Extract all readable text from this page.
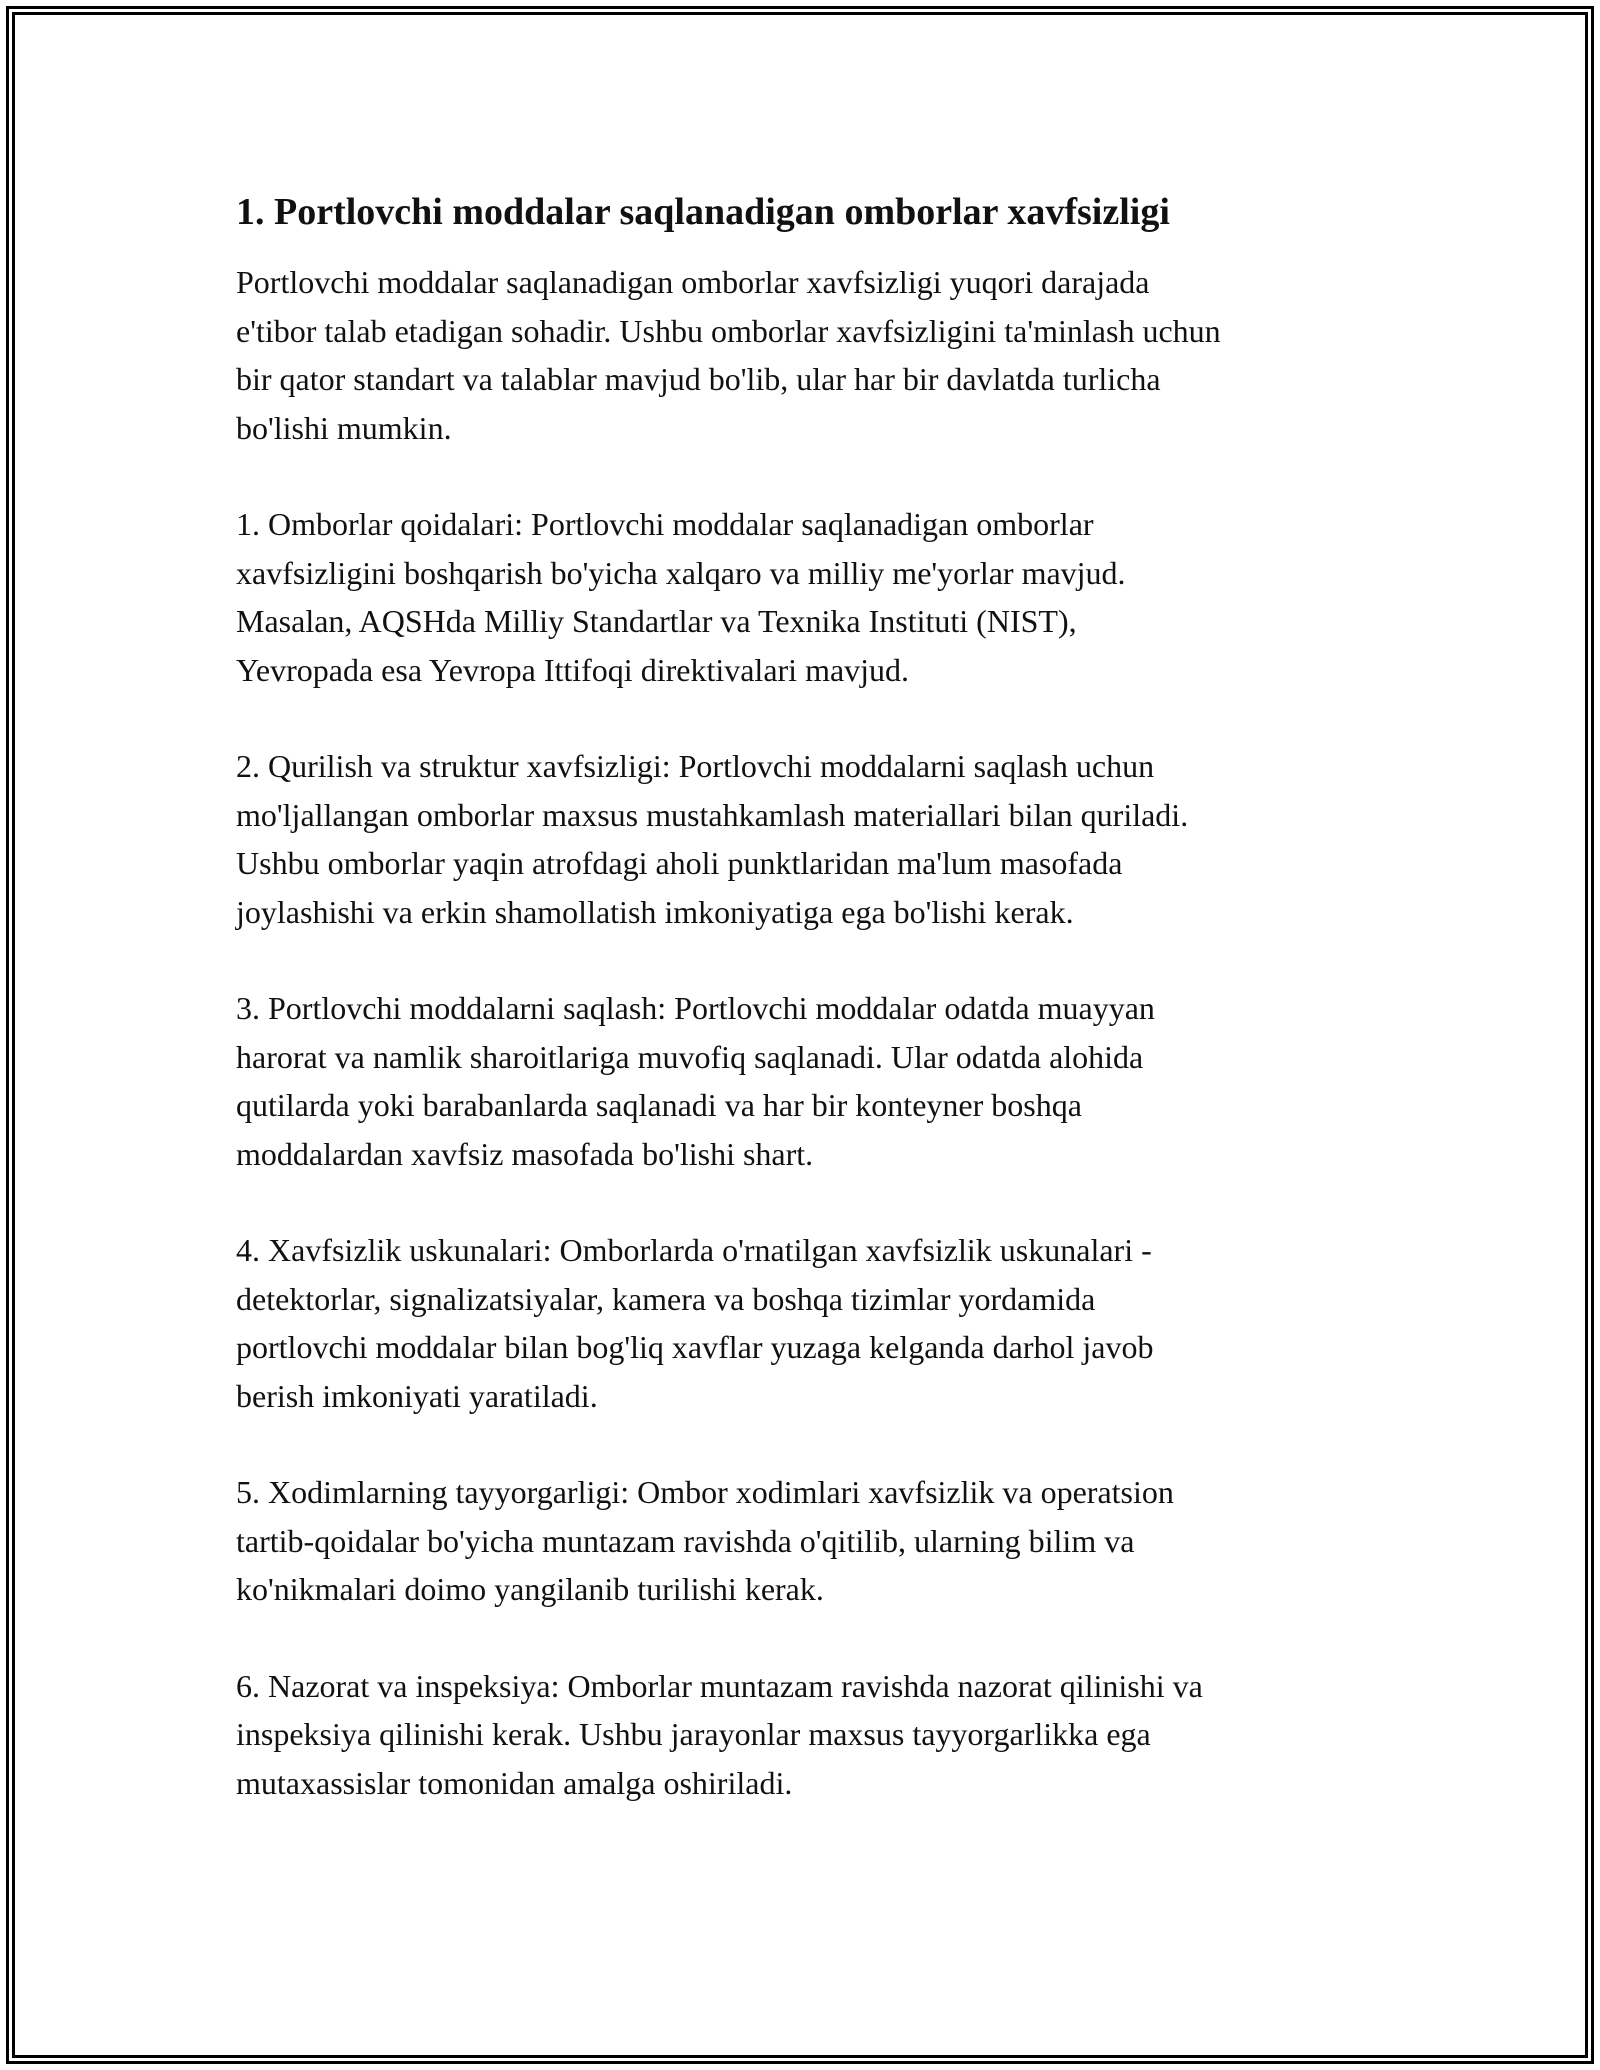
1. Portlovchi moddalar saqlanadigan omborlar xavfsizligi

Portlovchi moddalar saqlanadigan omborlar xavfsizligi yuqori darajada
e'tibor talab etadigan sohadir. Ushbu omborlar xavfsizligini ta'minlash uchun
bir qator standart va talablar mavjud bo'lib, ular har bir davlatda turlicha
bo'lishi mumkin.

1. Omborlar qoidalari: Portlovchi moddalar saqlanadigan omborlar
xavfsizligini boshqarish bo'yicha xalqaro va milliy me'yorlar mavjud.
Masalan, AQSHda Milliy Standartlar va Texnika Instituti (NIST),
Yevropada esa Yevropa Ittifoqi direktivalari mavjud.

2. Qurilish va struktur xavfsizligi: Portlovchi moddalarni saqlash uchun
mo'ljallangan omborlar maxsus mustahkamlash materiallari bilan quriladi.
Ushbu omborlar yaqin atrofdagi aholi punktlaridan ma'lum masofada
joylashishi va erkin shamollatish imkoniyatiga ega bo'lishi kerak.

3. Portlovchi moddalarni saqlash: Portlovchi moddalar odatda muayyan
harorat va namlik sharoitlariga muvofiq saqlanadi. Ular odatda alohida
qutilarda yoki barabanlarda saqlanadi va har bir konteyner boshqa
moddalardan xavfsiz masofada bo'lishi shart.

4. Xavfsizlik uskunalari: Omborlarda o'rnatilgan xavfsizlik uskunalari -
detektorlar, signalizatsiyalar, kamera va boshqa tizimlar yordamida
portlovchi moddalar bilan bog'liq xavflar yuzaga kelganda darhol javob
berish imkoniyati yaratiladi.

5. Xodimlarning tayyorgarligi: Ombor xodimlari xavfsizlik va operatsion
tartib-qoidalar bo'yicha muntazam ravishda o'qitilib, ularning bilim va
ko'nikmalari doimo yangilanib turilishi kerak.

6. Nazorat va inspeksiya: Omborlar muntazam ravishda nazorat qilinishi va
inspeksiya qilinishi kerak. Ushbu jarayonlar maxsus tayyorgarlikka ega
mutaxassislar tomonidan amalga oshiriladi.
